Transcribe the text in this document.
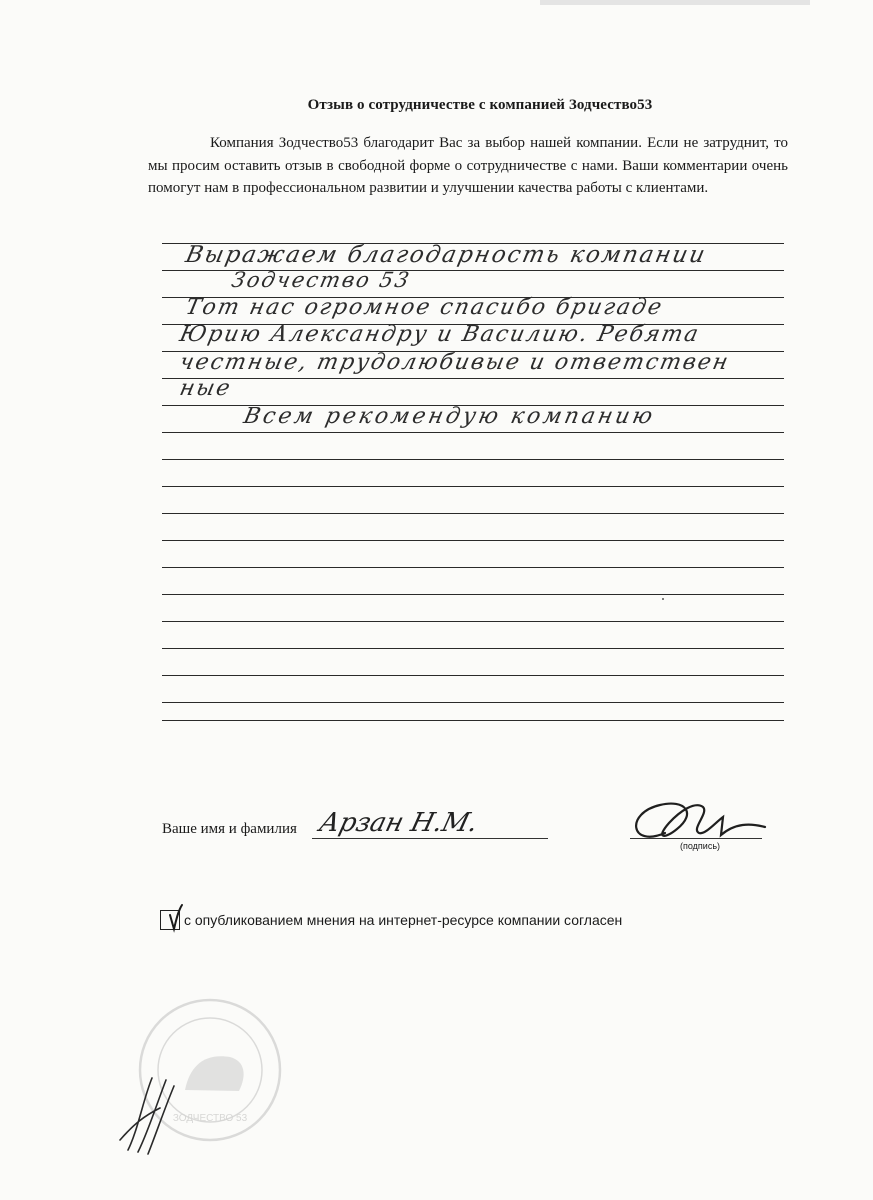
Отзыв о сотрудничестве с компанией Зодчество53
Компания Зодчество53 благодарит Вас за выбор нашей компании. Если не затруднит, то мы просим оставить отзыв в свободной форме о сотрудничестве с нами. Ваши комментарии очень помогут нам в профессиональном развитии и улучшении качества работы с клиентами.
Выражаем благодарность компании
Зодчество 53
Тот нас огромное спасибо бригаде
Юрию Александру и Василию. Ребята
честные, трудолюбивые и ответствен
ные
Всем рекомендую компанию
Ваше имя и фамилия Арзан Н.М.
(подпись)
с опубликованием мнения на интернет-ресурсе компании согласен
ЗОДЧЕСТВО 53
